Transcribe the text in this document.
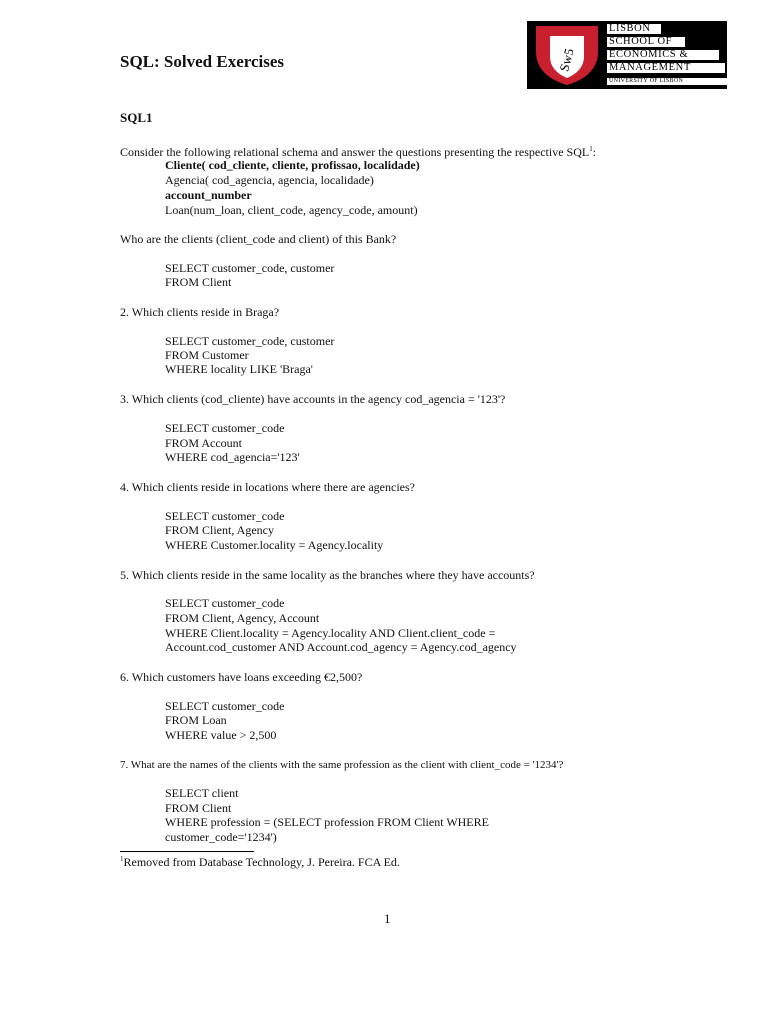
SQL: Solved Exercises	Sw5
LISBON
SCHOOL OF
ECONOMICS &
MANAGEMENT
UNIVERSITY OF LISBON
SQL1
Consider the following relational schema and answer the questions presenting the respective SQL$^1$:
Cliente( cod_cliente, cliente, profissao, localidade)
Agencia( cod_agencia, agencia, localidade)
account_number
Loan(num_loan, client_code, agency_code, amount)
Who are the clients (client_code and client) of this Bank?
SELECT customer_code, customer
FROM Client
2. Which clients reside in Braga?
SELECT customer_code, customer
FROM Customer
WHERE locality LIKE 'Braga'
3. Which clients (cod_cliente) have accounts in the agency cod_agencia = '123'?
SELECT customer_code
FROM Account
WHERE cod_agencia='123'
4. Which clients reside in locations where there are agencies?
SELECT customer_code
FROM Client, Agency
WHERE Customer.locality = Agency.locality
5. Which clients reside in the same locality as the branches where they have accounts?
SELECT customer_code
FROM Client, Agency, Account
WHERE Client.locality = Agency.locality AND Client.client_code =
Account.cod_customer AND Account.cod_agency = Agency.cod_agency
6. Which customers have loans exceeding €2,500?
SELECT customer_code
FROM Loan
WHERE value > 2,500
7. What are the names of the clients with the same profession as the client with client_code = '1234'?
SELECT client
FROM Client
WHERE profession = (SELECT profession FROM Client WHERE
customer_code='1234')
$^1$Removed from Database Technology, J. Pereira. FCA Ed.
1
